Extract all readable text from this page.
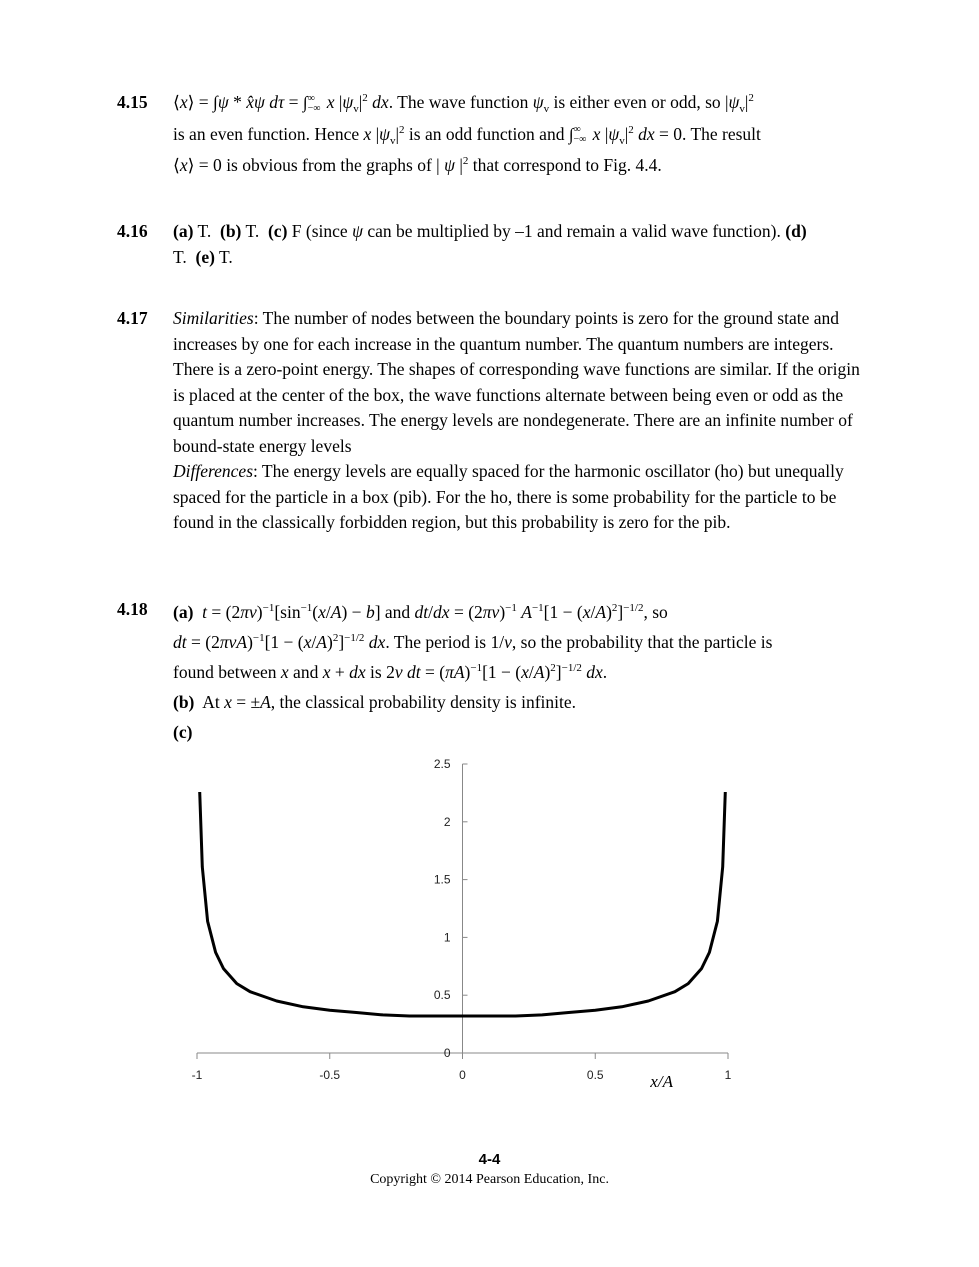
4.15	⟨x⟩ = ∫ψ * x̂ψ dτ = ∫ ∞
−∞ x $|\psi_v|^2$ dx. The wave function $\psi_v$ is either even or odd, so $|\psi_v|^2$

is an even function. Hence x $|\psi_v|^2$ is an odd function and ∫ ∞
−∞ x $|\psi_v|^2$ dx = 0. The result

⟨x⟩ = 0 is obvious from the graphs of | ψ $|^2$ that correspond to Fig. 4.4.

4.16	(a) T. (b) T. (c) F (since ψ can be multiplied by –1 and remain a valid wave function). (d) T. (e) T.

4.17	Similarities: The number of nodes between the boundary points is zero for the ground state and increases by one for each increase in the quantum number. The quantum numbers are integers. There is a zero-point energy. The shapes of corresponding wave functions are similar. If the origin is placed at the center of the box, the wave functions alternate between being even or odd as the quantum number increases. The energy levels are nondegenerate. There are an infinite number of bound-state energy levels

Differences: The energy levels are equally spaced for the harmonic oscillator (ho) but unequally spaced for the particle in a box (pib). For the ho, there is some probability for the particle to be found in the classically forbidden region, but this probability is zero for the pib.

4.18	(a) $t = (2\pi\nu)^{-1}[\sin^{-1}(x/A) - b]$ and $dt/dx = (2\pi\nu)^{-1}$ $A^{-1}[1 - (x/A)^2]^{-1/2}$, so

dt = $(2\pi\nu A)^{-1}[1 - (x/A)^2]^{-1/2}$ dx. The period is 1/ν, so the probability that the particle is

found between x and x + dx is 2ν dt = $(\pi A)^{-1}[1 - (x/A)^2]^{-1/2}$ dx.

(b) At x = ±A, the classical probability density is infinite.

(c)

0
0.5
1
1.5
2
2.5
-1	-0.5	0	0.5	1
x/A
4-4
Copyright © 2014 Pearson Education, Inc.
